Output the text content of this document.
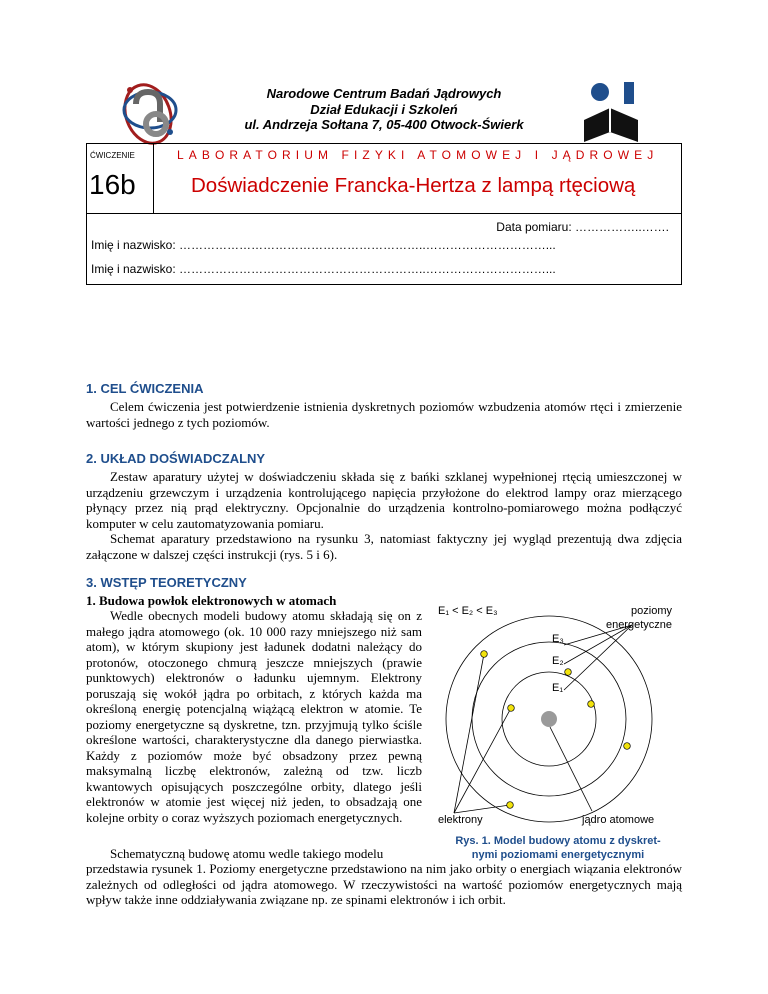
Narodowe Centrum Badań Jądrowych
Dział Edukacji i Szkoleń
ul. Andrzeja Sołtana 7, 05-400 Otwock-Świerk
ĆWICZENIE
16b
LABORATORIUM FIZYKI ATOMOWEJ I JĄDROWEJ
Doświadczenie Francka-Hertza z lampą rtęciową
Data pomiaru: ……………..…….
Imię i nazwisko: ……………………………………………………..…………………………...
Imię i nazwisko: ……………………………………………………..…………………………...
1. CEL ĆWICZENIA
Celem ćwiczenia jest potwierdzenie istnienia dyskretnych poziomów wzbudzenia atomów rtęci i zmierzenie wartości jednego z tych poziomów.
2. UKŁAD DOŚWIADCZALNY
Zestaw aparatury użytej w doświadczeniu składa się z bańki szklanej wypełnionej rtęcią umieszczonej w urządzeniu grzewczym i urządzenia kontrolującego napięcia przyłożone do elektrod lampy oraz mierzącego płynący przez nią prąd elektryczny. Opcjonalnie do urządzenia kontrolno-pomiarowego można podłączyć komputer w celu zautomatyzowania pomiaru.
Schemat aparatury przedstawiono na rysunku 3, natomiast faktyczny jej wygląd prezentują dwa zdjęcia załączone w dalszej części instrukcji (rys. 5 i 6).
3. WSTĘP TEORETYCZNY
1. Budowa powłok elektronowych w atomach
Wedle obecnych modeli budowy atomu składają się on z małego jądra atomowego (ok. 10 000 razy mniejszego niż sam atom), w którym skupiony jest ładunek dodatni należący do protonów, otoczonego chmurą jeszcze mniejszych (prawie punktowych) elektronów o ładunku ujemnym. Elektrony poruszają się wokół jądra po orbitach, z których każda ma określoną energię potencjalną wiążącą elektron w atomie. Te poziomy energetyczne są dyskretne, tzn. przyjmują tylko ściśle określone wartości, charakterystyczne dla danego pierwiastka. Każdy z poziomów może być obsadzony przez pewną maksymalną liczbę elektronów, zależną od tzw. liczb kwantowych opisujących poszczególne orbity, dlatego jeśli elektronów w atomie jest więcej niż jeden, to obsadzają one kolejne orbity o coraz wyższych poziomach energetycznych.
Schematyczną budowę atomu wedle takiego modelu
przedstawia rysunek 1. Poziomy energetyczne przedstawiono na nim jako orbity o energiach wiązania elektronów zależnych od odległości od jądra atomowego. W rzeczywistości na wartość poziomów energetycznych mają wpływ także inne oddziaływania związane np. ze spinami elektronów i ich orbit.
E₁ < E₂ < E₃	poziomy
energetyczne
E₃
E₂
E₁
elektrony	jądro atomowe
Rys. 1. Model budowy atomu z dyskret-
nymi poziomami energetycznymi
